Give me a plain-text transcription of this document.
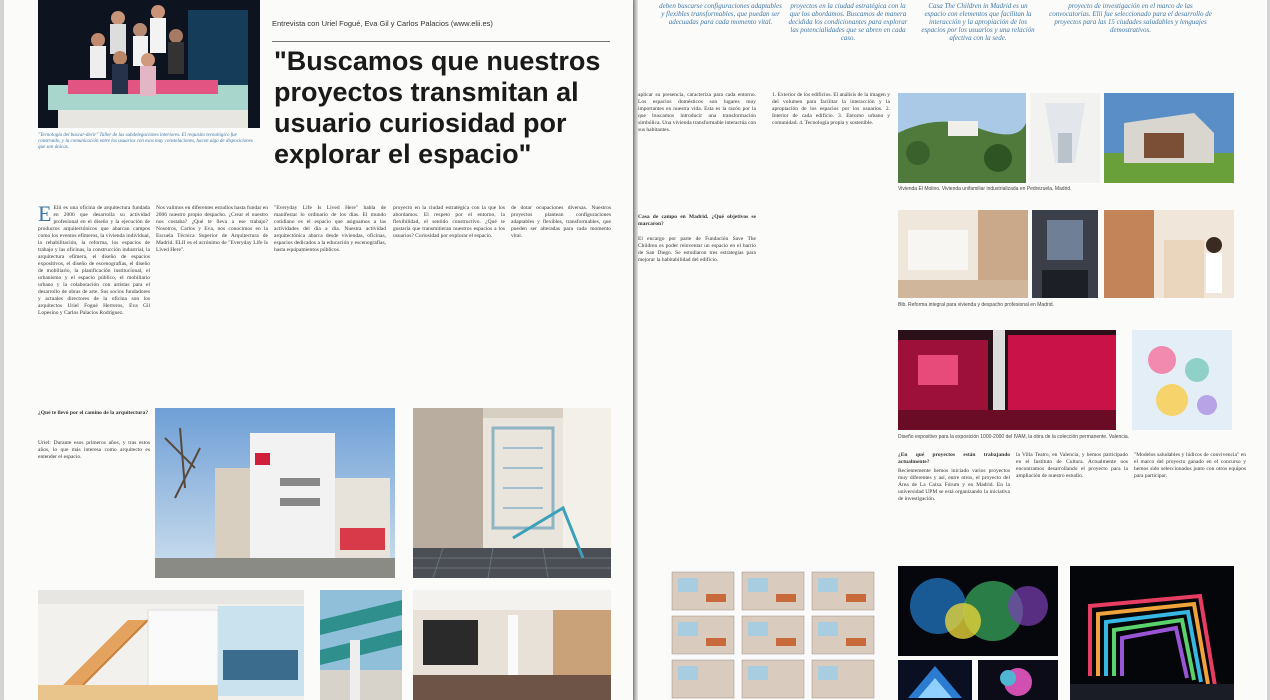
"Tecnología del buscar-decir" Taller de las subdelegaciones interiores. El requisito tecnológico fue construido, y la comunicación entre los usuarios con esos muy constelaciones, hacen algo de disposiciones que son únicas.
Entrevista con Uriel Fogué, Eva Gil y Carlos Palacios (www.elii.es)
"Buscamos que nuestros proyectos transmitan al usuario curiosidad por explorar el espacio"
E Elii es una oficina de arquitectura fundada en 2006 que desarrolla su actividad profesional en el diseño y la ejecución de productos arquitectónicos que abarcan campos como los eventos efímeros, la vivienda individual, la rehabilitación, la reforma, los espacios de trabajo y las oficinas, la construcción industrial, la arquitectura efímera, el diseño de espacios expositivos, el diseño de escenografías, el diseño de mobiliario, la planificación institucional, el urbanismo y el espacio público, el mobiliario urbano y la colaboración con artistas para el desarrollo de obras de arte. Sus socios fundadores y actuales directores de la oficina son los arquitectos Uriel Fogué Herreros, Eva Gil Lopesino y Carlos Palacios Rodríguez.

¿Qué te llevó por el camino de la arquitectura?
Uriel: Durante esos primeros años, y tras estos años, lo que más interesa como arquitecto es entender el espacio.
Nos valimos en diferentes estudios hasta fundar en 2006 nuestro propio despacho. ¿Crear el nuestro nos costaba? ¿Qué te lleva a ese trabajo? Nosotros, Carlos y Eva, nos conocimos en la Escuela Técnica Superior de Arquitectura de Madrid. ELII es el acrónimo de "Everyday Life Is Lived Here".
"Everyday Life Is Lived Here" habla de manifestar lo ordinario de los días. El mundo cotidiano es el espacio que asignamos a las actividades del día a día. Nuestra actividad arquitectónica abarca desde viviendas, oficinas, espacios dedicados a la educación y escenografías, hasta equipamientos públicos.
proyecto en la ciudad estratégica con la que los abordamos. El respeto por el entorno, la flexibilidad, el sentido constructivo. ¿Qué te gustaría que transmitieran nuestros espacios a los usuarios? Curiosidad por explorar el espacio.
de dotar ocupaciones diversas. Nuestros proyectos plantean configuraciones adaptables y flexibles, transformables, que pueden ser alteradas para cada momento vital.
deben buscarse configuraciones adaptables y flexibles transformables, que puedan ser adecuadas para cada momento vital.
proyectos en la ciudad estratégica con la que los abordamos. Buscamos de manera decidida los condicionantes para explorar las potencialidades que se abren en cada caso.
Casa The Children in Madrid es un espacio con elementos que facilitan la interacción y la apropiación de los espacios por los usuarios y una relación afectiva con la sede.
proyecto de investigación en el marco de las convocatorias. Elii fue seleccionado para el desarrollo de proyectos para las 15 ciudades saludables y lenguajes demostrativos.
aplicar su presencia, caracteriza para cada entorno. Los espacios domésticos son lugares muy importantes en nuestra vida. Esta es la razón por la que buscamos introducir una transformación simbólica. Una vivienda transformable interactúa con sus habitantes.
Casa de campo en Madrid. ¿Qué objetivos se marcaron?
El encargo por parte de Fundación Save The Children es poder reinventar un espacio en el barrio de San Diego. Se estudiaron tres estrategias para mejorar la habitabilidad del edificio.
1. Exterior de los edificios. El análisis de la imagen y del volumen para facilitar la interacción y la apropiación de los espacios por los usuarios. 2. Interior de cada edificio. 3. Entorno urbano y comunidad. 4. Tecnología propia y sostenible.
Vivienda El Molino. Vivienda unifamiliar industrializada en Pedrezuela, Madrid.
Bib. Reforma integral para vivienda y despacho profesional en Madrid.
Diseño expositivo para la exposición 1000-2000 del IVAM, la obra de la colección permanente. Valencia.
¿En qué proyectos están trabajando actualmente?
Recientemente hemos iniciado varios proyectos muy diferentes y así, entre otros, el proyecto del Área de La Caixa Fórum y en Madrid. En la universidad UPM se está organizando la iniciativa de investigación.
la Villa Teatro, en Valencia, y hemos participado en el Instituto de Cultura. Actualmente nos encontramos desarrollando el proyecto para la ampliación de nuestro estudio.
"Modelos saludables y lúdicos de convivencia" en el marco del proyecto ganado en el concurso y hemos sido seleccionados junto con otros equipos para participar.
